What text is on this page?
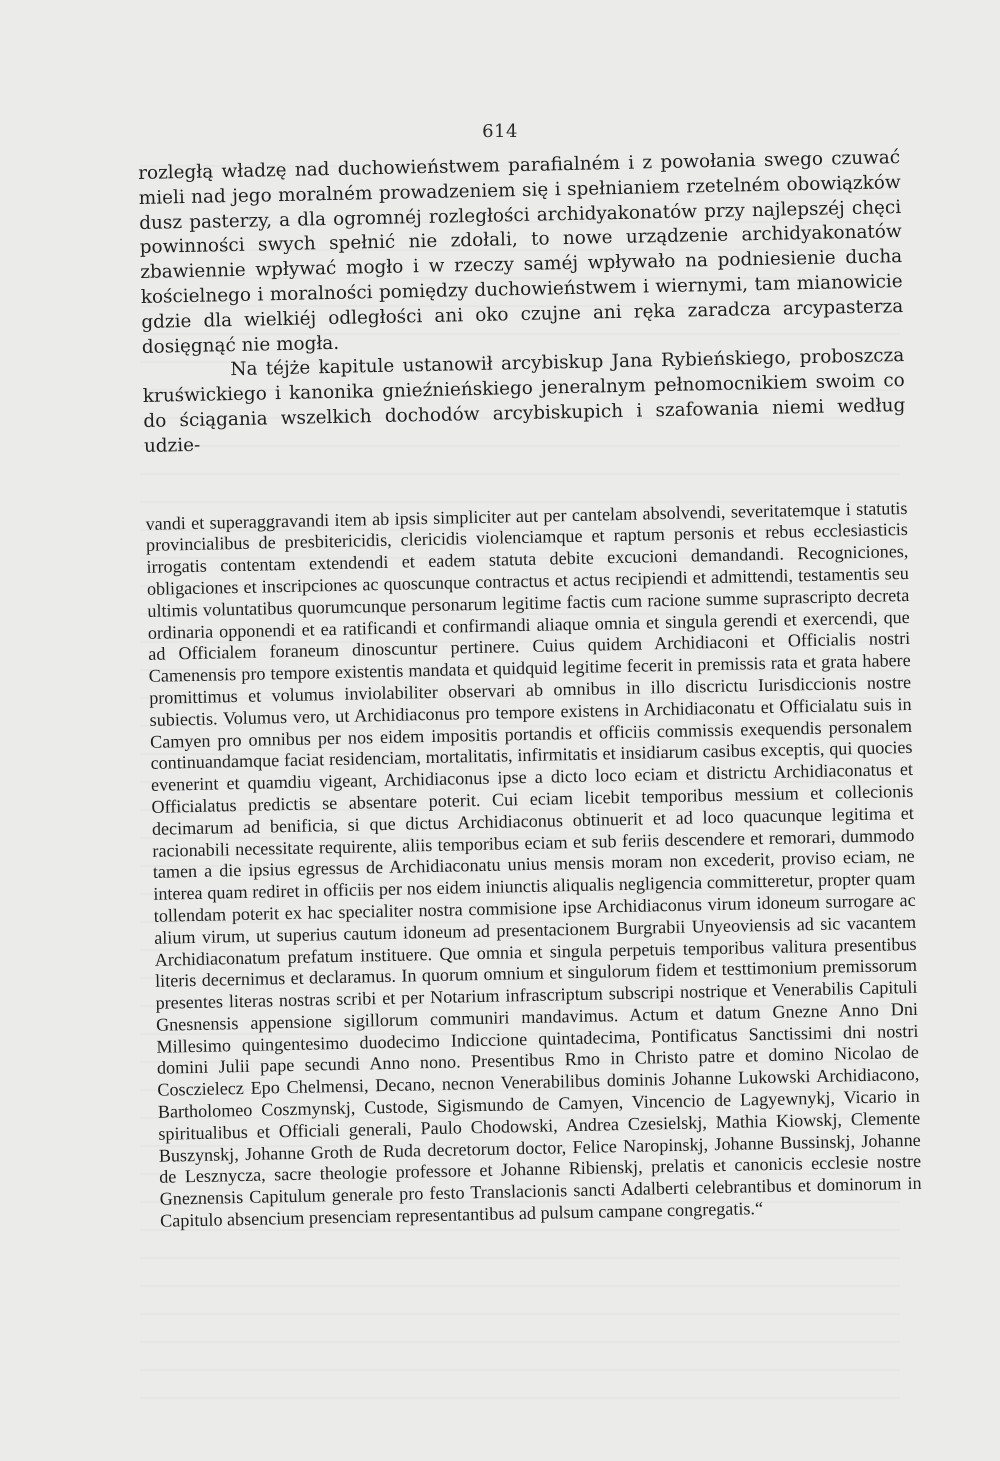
614

rozległą władzę nad duchowieństwem parafialném i z powołania swego czuwać mieli nad jego moralném prowadzeniem się i spełnianiem rzetelném obowiązków dusz pasterzy, a dla ogromnéj rozległości archidyakonatów przy najlepszéj chęci powinności swych spełnić nie zdołali, to nowe urządzenie archidyakonatów zbawiennie wpływać mogło i w rzeczy saméj wpływało na podniesienie ducha kościelnego i moralności pomiędzy duchowieństwem i wiernymi, tam mianowicie gdzie dla wielkiéj odległości ani oko czujne ani ręka zaradcza arcypasterza dosięgnąć nie mogła.

Na téjże kapitule ustanowił arcybiskup Jana Rybieńskiego, proboszcza kruświckiego i kanonika gnieźnieńskiego jeneralnym pełnomocnikiem swoim co do ściągania wszelkich dochodów arcybiskupich i szafowania niemi według udzie-

vandi et superaggravandi item ab ipsis simpliciter aut per cantelam absolvendi, severitatemque i statutis provincialibus de presbitericidis, clericidis violenciamque et raptum personis et rebus ecclesiasticis irrogatis contentam extendendi et eadem statuta debite excucioni demandandi. Recogniciones, obligaciones et inscripciones ac quoscunque contractus et actus recipiendi et admittendi, testamentis seu ultimis voluntatibus quorumcunque personarum legitime factis cum racione summe suprascripto decreta ordinaria opponendi et ea ratificandi et confirmandi aliaque omnia et singula gerendi et exercendi, que ad Officialem foraneum dinoscuntur pertinere. Cuius quidem Archidiaconi et Officialis nostri Camenensis pro tempore existentis mandata et quidquid legitime fecerit in premissis rata et grata habere promittimus et volumus inviolabiliter observari ab omnibus in illo discrictu Iurisdiccionis nostre subiectis. Volumus vero, ut Archidiaconus pro tempore existens in Archidiaconatu et Officialatu suis in Camyen pro omnibus per nos eidem impositis portandis et officiis commissis exequendis personalem continuandamque faciat residenciam, mortalitatis, infirmitatis et insidiarum casibus exceptis, qui quocies evenerint et quamdiu vigeant, Archidiaconus ipse a dicto loco eciam et districtu Archidiaconatus et Officialatus predictis se absentare poterit. Cui eciam licebit temporibus messium et collecionis decimarum ad benificia, si que dictus Archidiaconus obtinuerit et ad loco quacunque legitima et racionabili necessitate requirente, aliis temporibus eciam et sub feriis descendere et remorari, dummodo tamen a die ipsius egressus de Archidiaconatu unius mensis moram non excederit, proviso eciam, ne interea quam rediret in officiis per nos eidem iniunctis aliqualis negligencia committeretur, propter quam tollendam poterit ex hac specialiter nostra commisione ipse Archidiaconus virum idoneum surrogare ac alium virum, ut superius cautum idoneum ad presentacionem Burgrabii Unyeoviensis ad sic vacantem Archidiaconatum prefatum instituere. Que omnia et singula perpetuis temporibus valitura presentibus literis decernimus et declaramus. In quorum omnium et singulorum fidem et testtimonium premissorum presentes literas nostras scribi et per Notarium infrascriptum subscripi nostrique et Venerabilis Capituli Gnesnensis appensione sigillorum communiri mandavimus. Actum et datum Gnezne Anno Dni Millesimo quingentesimo duodecimo Indiccione quintadecima, Pontificatus Sanctissimi dni nostri domini Julii pape secundi Anno nono. Presentibus Rmo in Christo patre et domino Nicolao de Cosczielecz Epo Chelmensi, Decano, necnon Venerabilibus dominis Johanne Lukowski Archidiacono, Bartholomeo Coszmynskj, Custode, Sigismundo de Camyen, Vincencio de Lagyewnykj, Vicario in spiritualibus et Officiali generali, Paulo Chodowski, Andrea Czesielskj, Mathia Kiowskj, Clemente Buszynskj, Johanne Groth de Ruda decretorum doctor, Felice Naropinskj, Johanne Bussinskj, Johanne de Lesznycza, sacre theologie professore et Johanne Ribienskj, prelatis et canonicis ecclesie nostre Gneznensis Capitulum generale pro festo Translacionis sancti Adalberti celebrantibus et dominorum in Capitulo absencium presenciam representantibus ad pulsum campane congregatis.“
